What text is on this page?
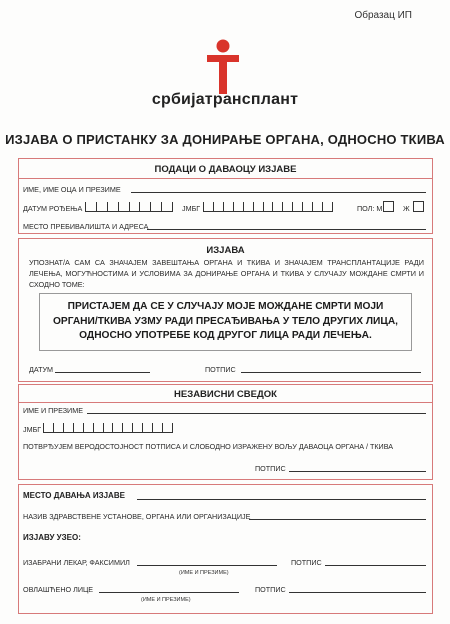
Образац ИП
србијатрансплант
ИЗЈАВА О ПРИСТАНКУ ЗА ДОНИРАЊЕ ОРГАНА, ОДНОСНО ТКИВА
ПОДАЦИ О ДАВАОЦУ ИЗЈАВЕ
ИМЕ, ИМЕ ОЦА И ПРЕЗИМЕ
ДАТУМ РОЂЕЊА	ЈМБГ	ПОЛ: М	Ж
МЕСТО ПРЕБИВАЛИШТА И АДРЕСА
ИЗЈАВА
УПОЗНАТ/А САМ СА ЗНАЧАЈЕМ ЗАВЕШТАЊА ОРГАНА И ТКИВА И ЗНАЧАЈЕМ ТРАНСПЛАНТАЦИЈЕ РАДИ ЛЕЧЕЊА, МОГУЋНОСТИМА И УСЛОВИМА ЗА ДОНИРАЊЕ ОРГАНА И ТКИВА У СЛУЧАЈУ МОЖДАНЕ СМРТИ И СХОДНО ТОМЕ:
ПРИСТАЈЕМ ДА СЕ У СЛУЧАЈУ МОЈЕ МОЖДАНЕ СМРТИ МОЈИ ОРГАНИ/ТКИВА УЗМУ РАДИ ПРЕСАЂИВАЊА У ТЕЛО ДРУГИХ ЛИЦА, ОДНОСНО УПОТРЕБЕ КОД ДРУГОГ ЛИЦА РАДИ ЛЕЧЕЊА.
ДАТУМ	ПОТПИС
НЕЗАВИСНИ СВЕДОК
ИМЕ И ПРЕЗИМЕ
ЈМБГ
ПОТВРЂУЈЕМ ВЕРОДОСТОЈНОСТ ПОТПИСА И СЛОБОДНО ИЗРАЖЕНУ ВОЉУ ДАВАОЦА ОРГАНА / ТКИВА
ПОТПИС
МЕСТО ДАВАЊА ИЗЈАВЕ
НАЗИВ ЗДРАВСТВЕНЕ УСТАНОВЕ, ОРГАНА ИЛИ ОРГАНИЗАЦИЈЕ
ИЗЈАВУ УЗЕО:
ИЗАБРАНИ ЛЕКАР, ФАКСИМИЛ
(ИМЕ И ПРЕЗИМЕ)
ПОТПИС
ОВЛАШЋЕНО ЛИЦЕ
(ИМЕ И ПРЕЗИМЕ)
ПОТПИС
